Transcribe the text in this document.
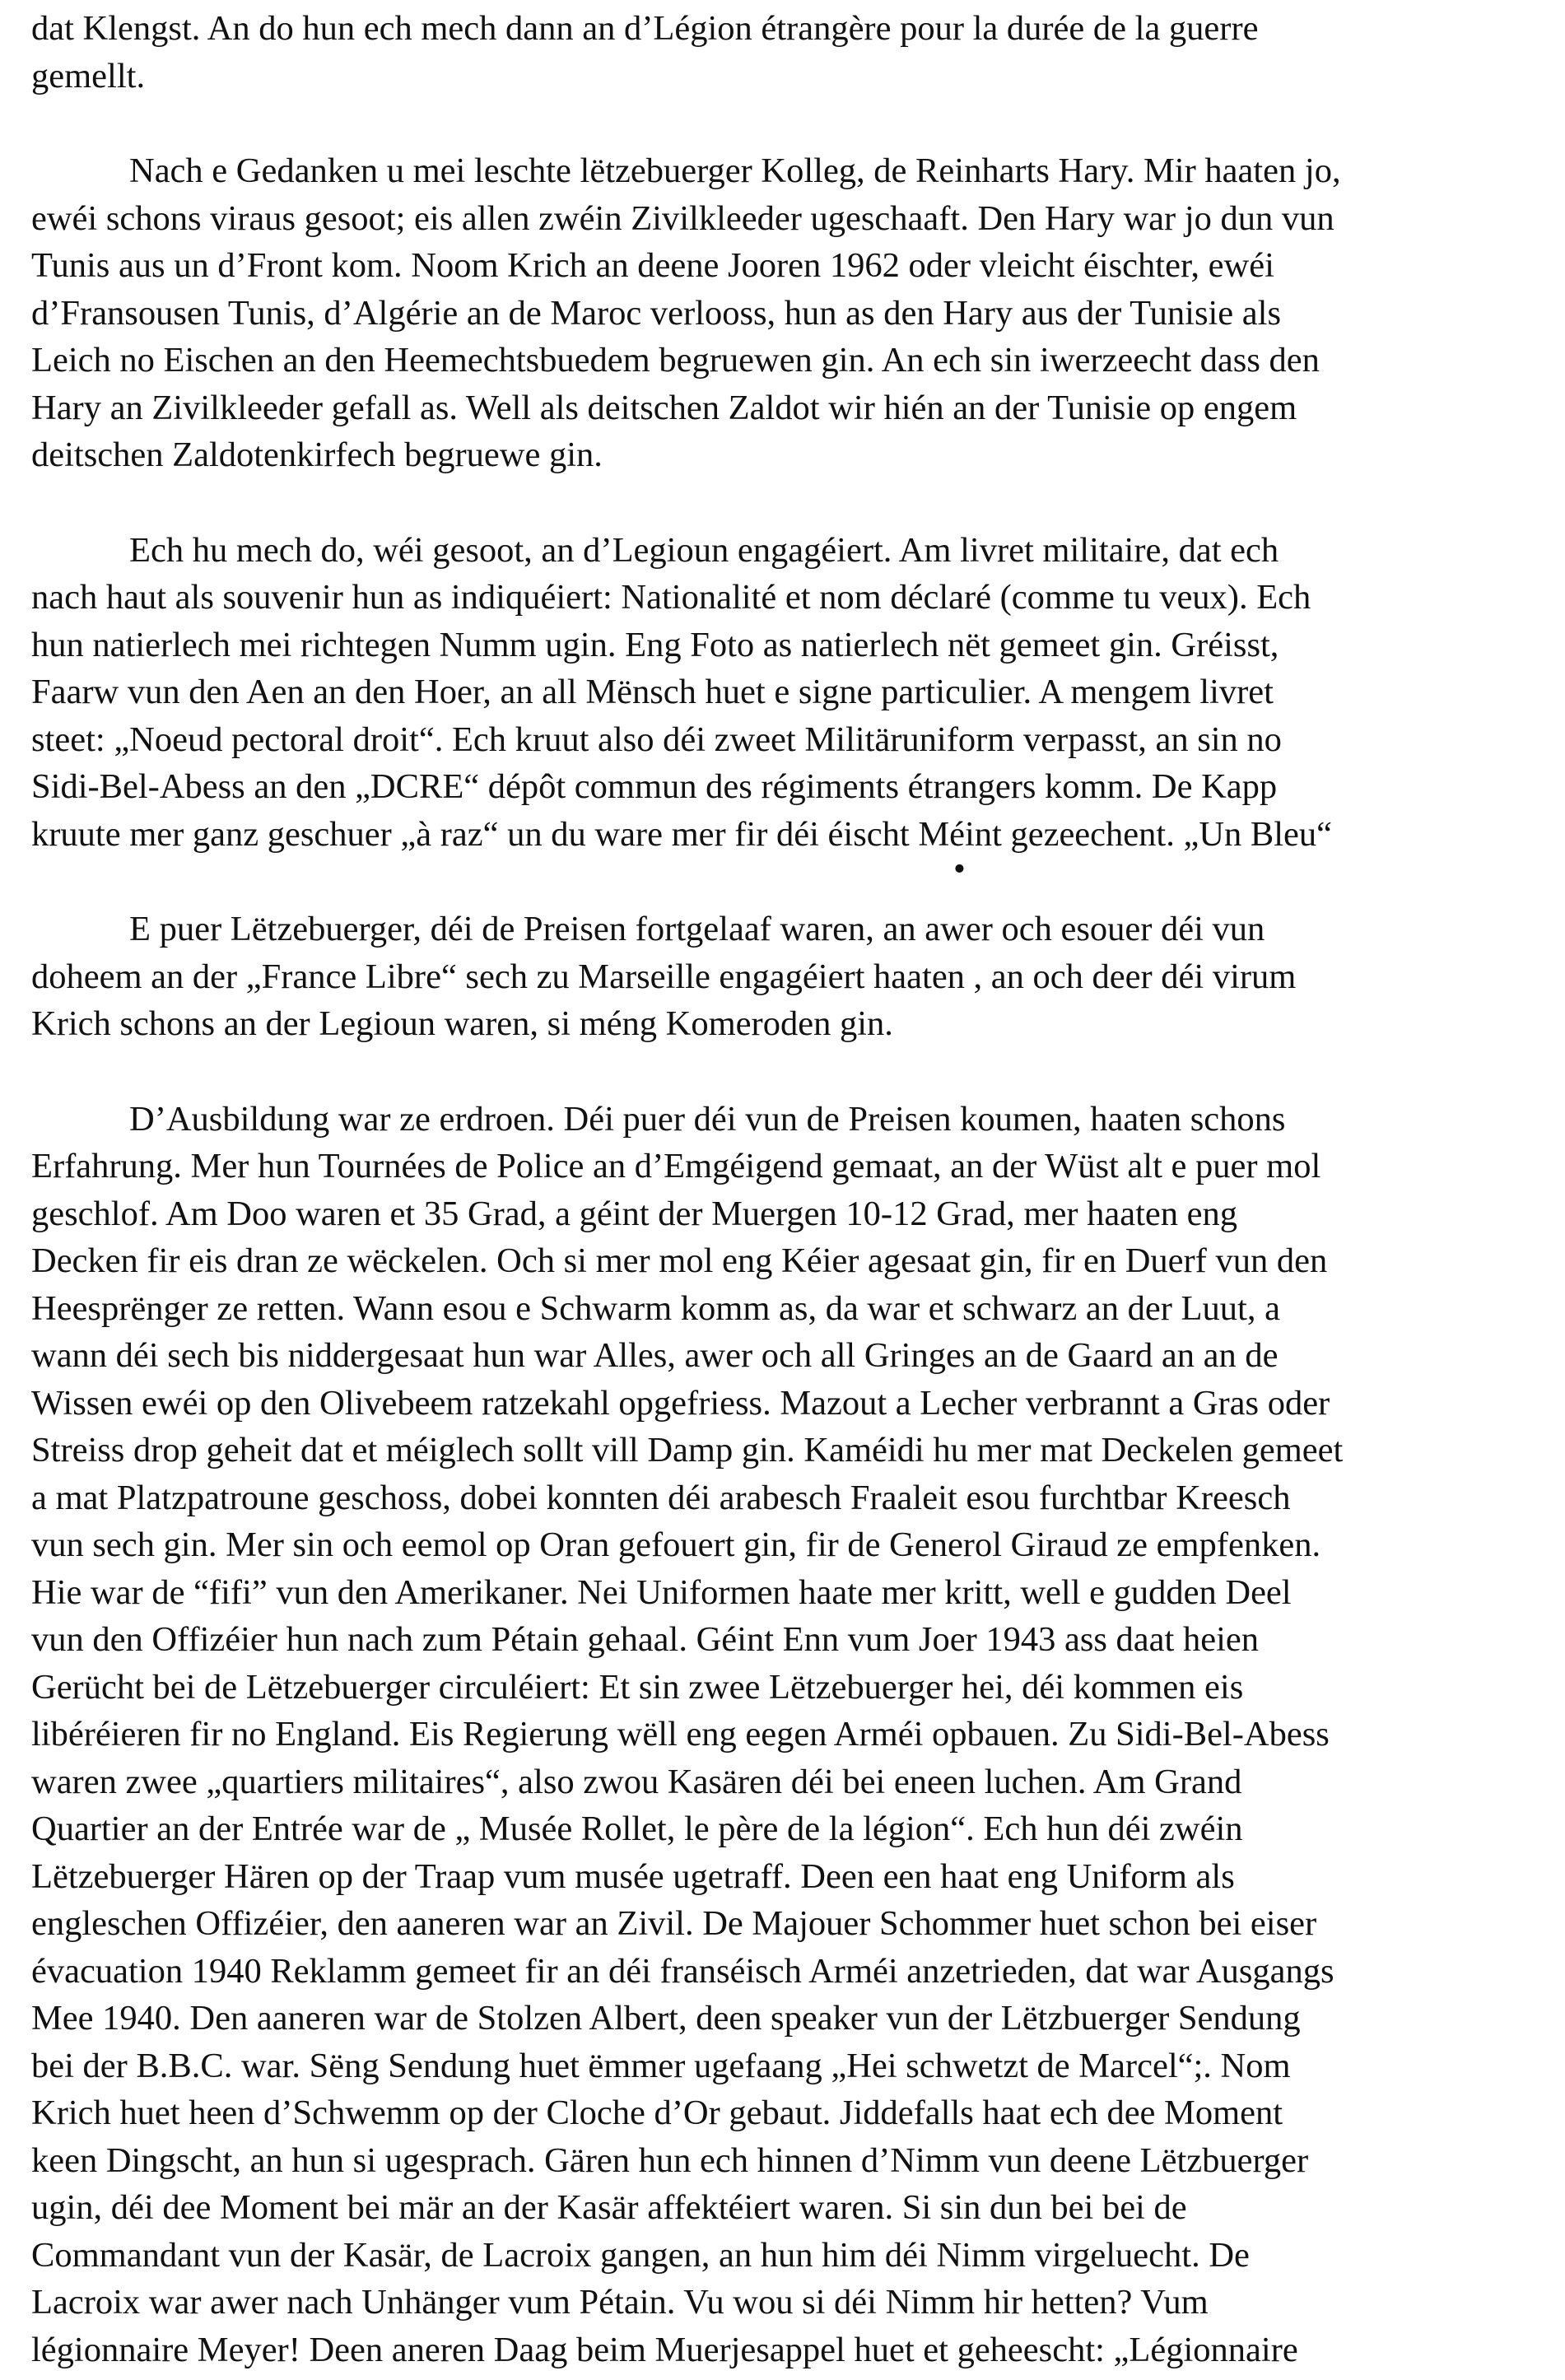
dat Klengst. An do hun ech mech dann an d’Légion étrangère pour la durée de la guerre
gemellt.

Nach e Gedanken u mei leschte lëtzebuerger Kolleg, de Reinharts Hary. Mir haaten jo,
ewéi schons viraus gesoot; eis allen zwéin Zivilkleeder ugeschaaft. Den Hary war jo dun vun
Tunis aus un d’Front kom. Noom Krich an deene Jooren 1962 oder vleicht éischter, ewéi
d’Fransousen Tunis, d’Algérie an de Maroc verlooss, hun as den Hary aus der Tunisie als
Leich no Eischen an den Heemechtsbuedem begruewen gin. An ech sin iwerzeecht dass den
Hary an Zivilkleeder gefall as. Well als deitschen Zaldot wir hién an der Tunisie op engem
deitschen Zaldotenkirfech begruewe gin.

Ech hu mech do, wéi gesoot, an d’Legioun engagéiert. Am livret militaire, dat ech
nach haut als souvenir hun as indiquéiert: Nationalité et nom déclaré (comme tu veux). Ech
hun natierlech mei richtegen Numm ugin. Eng Foto as natierlech nët gemeet gin. Gréisst,
Faarw vun den Aen an den Hoer, an all Mënsch huet e signe particulier. A mengem livret
steet: „Noeud pectoral droit“. Ech kruut also déi zweet Militäruniform verpasst, an sin no
Sidi-Bel-Abess an den „DCRE“ dépôt commun des régiments étrangers komm. De Kapp
kruute mer ganz geschuer „à raz“ un du ware mer fir déi éischt Méint gezeechent. „Un Bleu“
•

E puer Lëtzebuerger, déi de Preisen fortgelaaf waren, an awer och esouer déi vun
doheem an der „France Libre“ sech zu Marseille engagéiert haaten , an och deer déi virum
Krich schons an der Legioun waren, si méng Komeroden gin.

D’Ausbildung war ze erdroen. Déi puer déi vun de Preisen koumen, haaten schons
Erfahrung. Mer hun Tournées de Police an d’Emgéigend gemaat, an der Wüst alt e puer mol
geschlof. Am Doo waren et 35 Grad, a géint der Muergen 10-12 Grad, mer haaten eng
Decken fir eis dran ze wëckelen. Och si mer mol eng Kéier agesaat gin, fir en Duerf vun den
Heesprënger ze retten. Wann esou e Schwarm komm as, da war et schwarz an der Luut, a
wann déi sech bis niddergesaat hun war Alles, awer och all Gringes an de Gaard an an de
Wissen ewéi op den Olivebeem ratzekahl opgefriess. Mazout a Lecher verbrannt a Gras oder
Streiss drop geheit dat et méiglech sollt vill Damp gin. Kaméidi hu mer mat Deckelen gemeet
a mat Platzpatroune geschoss, dobei konnten déi arabesch Fraaleit esou furchtbar Kreesch
vun sech gin. Mer sin och eemol op Oran gefouert gin, fir de Generol Giraud ze empfenken.
Hie war de “fifi” vun den Amerikaner. Nei Uniformen haate mer kritt, well e gudden Deel
vun den Offizéier hun nach zum Pétain gehaal. Géint Enn vum Joer 1943 ass daat heien
Gerücht bei de Lëtzebuerger circuléiert: Et sin zwee Lëtzebuerger hei, déi kommen eis
libéréieren fir no England. Eis Regierung wëll eng eegen Arméi opbauen. Zu Sidi-Bel-Abess
waren zwee „quartiers militaires“, also zwou Kasären déi bei eneen luchen. Am Grand
Quartier an der Entrée war de „ Musée Rollet, le père de la légion“. Ech hun déi zwéin
Lëtzebuerger Hären op der Traap vum musée ugetraff. Deen een haat eng Uniform als
engleschen Offizéier, den aaneren war an Zivil. De Majouer Schommer huet schon bei eiser
évacuation 1940 Reklamm gemeet fir an déi franséisch Arméi anzetrieden, dat war Ausgangs
Mee 1940. Den aaneren war de Stolzen Albert, deen speaker vun der Lëtzbuerger Sendung
bei der B.B.C. war. Sëng Sendung huet ëmmer ugefaang „Hei schwetzt de Marcel“;. Nom
Krich huet heen d’Schwemm op der Cloche d’Or gebaut. Jiddefalls haat ech dee Moment
keen Dingscht, an hun si ugesprach. Gären hun ech hinnen d’Nimm vun deene Lëtzbuerger
ugin, déi dee Moment bei mär an der Kasär affektéiert waren. Si sin dun bei bei de
Commandant vun der Kasär, de Lacroix gangen, an hun him déi Nimm virgeluecht. De
Lacroix war awer nach Unhänger vum Pétain. Vu wou si déi Nimm hir hetten? Vum
légionnaire Meyer! Deen aneren Daag beim Muerjesappel huet et geheescht: „Légionnaire
